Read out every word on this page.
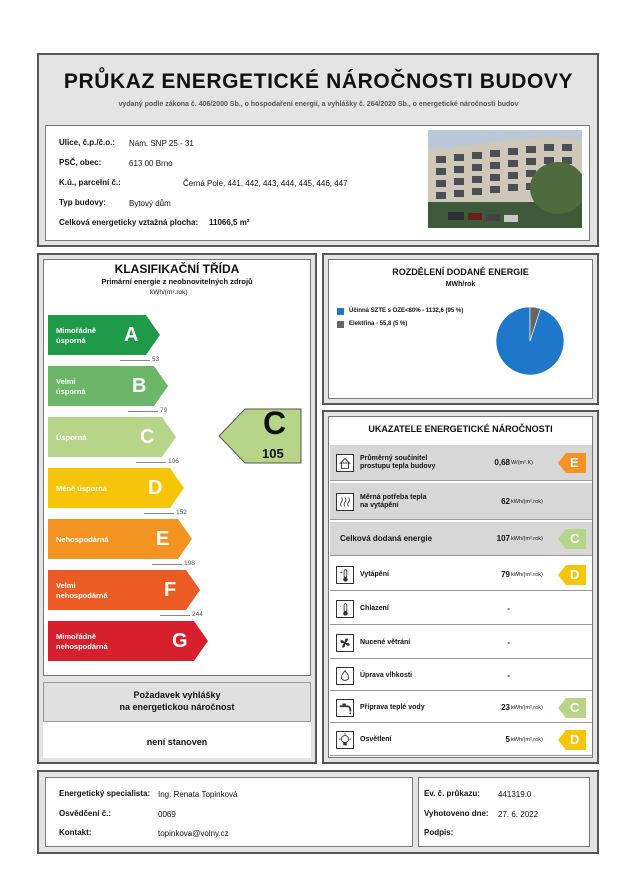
PRŮKAZ ENERGETICKÉ NÁROČNOSTI BUDOVY
vydaný podle zákona č. 406/2000 Sb., o hospodaření energií, a vyhlášky č. 264/2020 Sb., o energetické náročnosti budov
Ulice, č.p./č.o.: Nám. SNP 25 - 31
PSČ, obec:	613 00 Brno
K.ú., parcelní č.:	Černá Pole, 441, 442, 443, 444, 445, 446, 447
Typ budovy:	Bytový dům
Celková energeticky vztažná plocha: 11066,5 m²
KLASIFIKAČNÍ TŘÍDA
Primární energie z neobnovitelných zdrojů
kWh/(m².rok)
Mimořádně
úsporná	A
53
Velmi
úsporná B
79
Úsporná	C
106
Méně úsporná D
152
Nehospodárná E
198
Velmi
nehospodárná	F
244
Mimořádně
nehospodárná	G
C
105
Požadavek vyhlášky
na energetickou náročnost
není stanoven
ROZDĚLENÍ DODANÉ ENERGIE
MWh/rok
Účinná SZTE s OZE<80% - 1132,6 (95 %)
Elektřina - 55,8 (5 %)
UKAZATELE ENERGETICKÉ NÁROČNOSTI
Průměrný součinitel
prostupu tepla budovy	0,68 W/(m².K)	E
Měrná potřeba tepla
na vytápění	62 kWh/(m².rok)
Celková dodaná energie	107 kWh/(m².rok) C
+ Vytápění	79 kWh/(m².rok) D
-	Chlazení	-
Nucené větrání	-
Úprava vlhkosti	-
Příprava teplé vody	23 kWh/(m².rok) C
Osvětlení	5 kWh/(m².rok) D
Energetický specialista: Ing. Renata Topinková
Osvědčení č.:	0069
Kontakt:	topinkova@volny.cz
Ev. č. průkazu: 441319.0
Vyhotoveno dne: 27. 6. 2022
Podpis:
